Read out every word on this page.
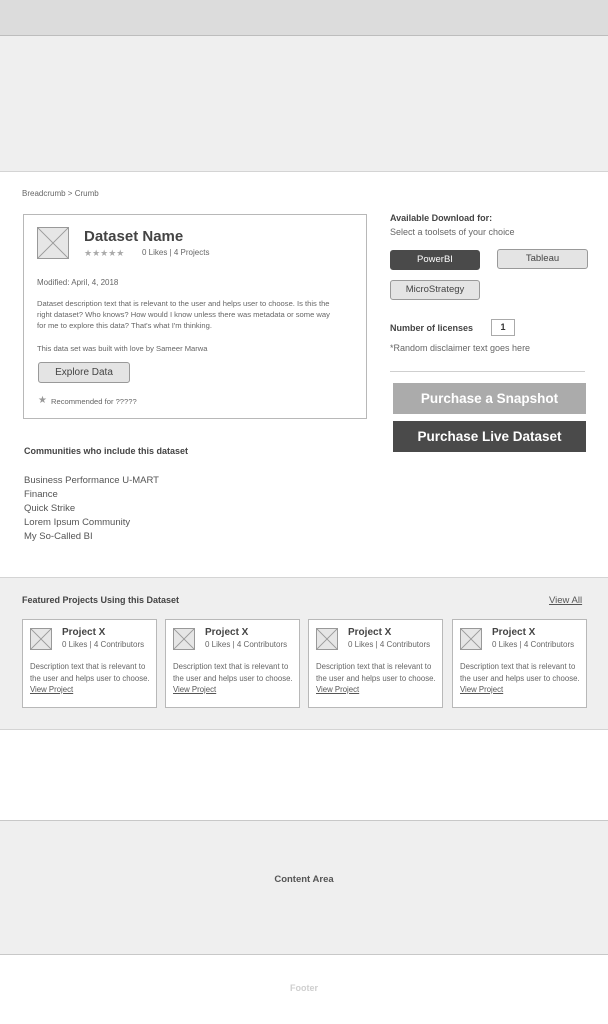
Breadcrumb > Crumb
Dataset Name
★★★★★ 0 Likes | 4 Projects
Modified: April, 4, 2018
Dataset description text that is relevant to the user and helps user to choose. Is this the right dataset? Who knows? How would I know unless there was metadata or some way for me to explore this data? That's what I'm thinking.
This data set was built with love by Sameer Marwa
Explore Data
★ Recommended for ?????
Communities who include this dataset
Business Performance U-MART
Finance
Quick Strike
Lorem Ipsum Community
My So-Called BI
Available Download for:
Select a toolsets of your choice
PowerBI	Tableau
MicroStrategy
Number of licenses	1
*Random disclaimer text goes here
Purchase a Snapshot
Purchase Live Dataset
Featured Projects Using this Dataset	View All
Project X
0 Likes | 4 Contributors
Description text that is relevant to the user and helps user to choose. View Project
Project X
0 Likes | 4 Contributors
Description text that is relevant to the user and helps user to choose. View Project
Project X
0 Likes | 4 Contributors
Description text that is relevant to the user and helps user to choose. View Project
Project X
0 Likes | 4 Contributors
Description text that is relevant to the user and helps user to choose. View Project
Content Area
Footer
